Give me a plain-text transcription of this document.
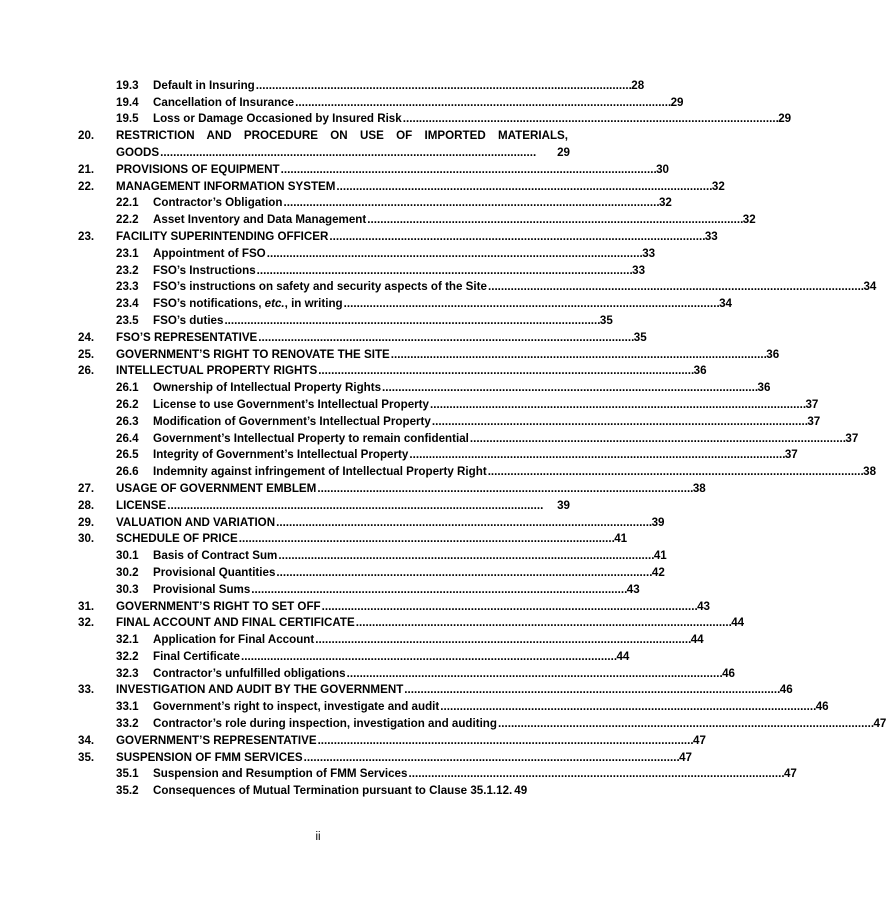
19.3	Default in Insuring . . .	28
19.4	Cancellation of Insurance . . .	29
19.5	Loss or Damage Occasioned by Insured Risk . . .	29
20.	RESTRICTION AND PROCEDURE ON USE OF IMPORTED MATERIALS,
GOODS . . .	29
21.	PROVISIONS OF EQUIPMENT . . .	30
22.	MANAGEMENT INFORMATION SYSTEM . . .	32
22.1	Contractor’s Obligation . . .	32
22.2	Asset Inventory and Data Management . . .	32
23.	FACILITY SUPERINTENDING OFFICER . . .	33
23.1	Appointment of FSO . . .	33
23.2	FSO’s Instructions . . .	33
23.3	FSO’s instructions on safety and security aspects of the Site . . .	34
23.4	FSO’s notifications, etc., in writing . . .	34
23.5	FSO’s duties . . .	35
24.	FSO’S REPRESENTATIVE . . .	35
25.	GOVERNMENT’S RIGHT TO RENOVATE THE SITE . . .	36
26.	INTELLECTUAL PROPERTY RIGHTS . . .	36
26.1	Ownership of Intellectual Property Rights . . .	36
26.2	License to use Government’s Intellectual Property . . .	37
26.3	Modification of Government’s Intellectual Property . . .	37
26.4	Government’s Intellectual Property to remain confidential . . .	37
26.5	Integrity of Government’s Intellectual Property . . .	37
26.6	Indemnity against infringement of Intellectual Property Right . . .	38
27.	USAGE OF GOVERNMENT EMBLEM . . .	38
28.	LICENSE . . .	39
29.	VALUATION AND VARIATION . . .	39
30.	SCHEDULE OF PRICE . . .	41
30.1	Basis of Contract Sum . . .	41
30.2	Provisional Quantities . . .	42
30.3	Provisional Sums . . .	43
31.	GOVERNMENT’S RIGHT TO SET OFF . . .	43
32.	FINAL ACCOUNT AND FINAL CERTIFICATE . . .	44
32.1	Application for Final Account . . .	44
32.2	Final Certificate . . .	44
32.3	Contractor’s unfulfilled obligations . . .	46
33.	INVESTIGATION AND AUDIT BY THE GOVERNMENT . . .	46
33.1	Government’s right to inspect, investigate and audit . . .	46
33.2	Contractor’s role during inspection, investigation and auditing . . .	47
34.	GOVERNMENT’S REPRESENTATIVE . . .	47
35.	SUSPENSION OF FMM SERVICES . . .	47
35.1	Suspension and Resumption of FMM Services . . .	47
35.2	Consequences of Mutual Termination pursuant to Clause 35.1.12. 49
ii
